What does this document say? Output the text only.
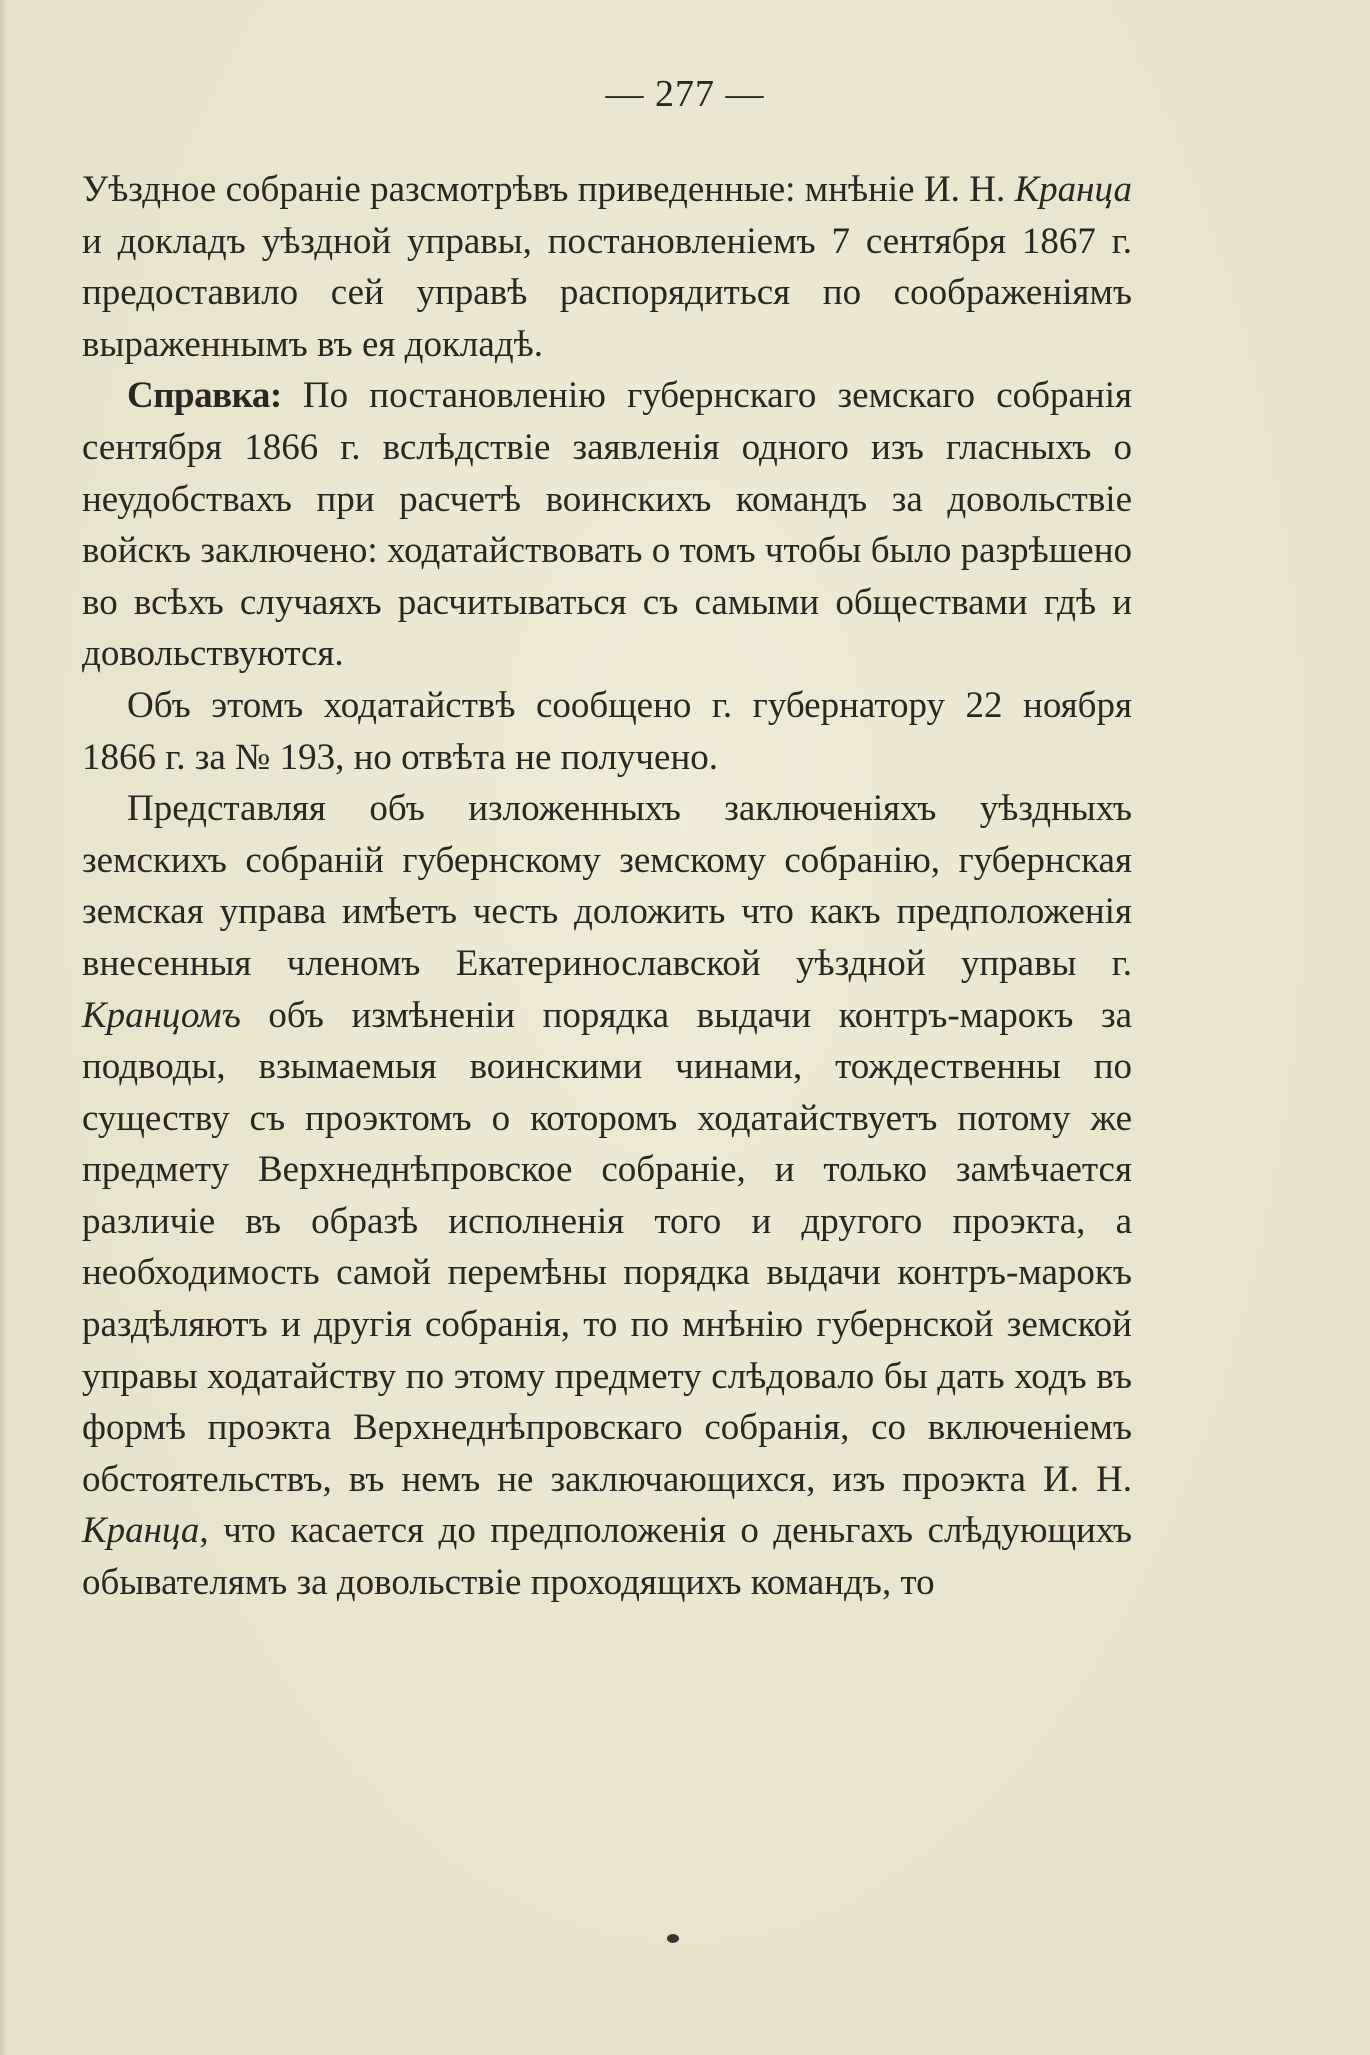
— 277 —

Уѣздное собраніе разсмотрѣвъ приведенные: мнѣніе И. Н. Кранца и докладъ уѣздной управы, постановленіемъ 7 сентября 1867 г. предоставило сей управѣ распорядиться по соображеніямъ выраженнымъ въ ея докладѣ.

Справка: По постановленію губернскаго земскаго собранія сентября 1866 г. вслѣдствіе заявленія одного изъ гласныхъ о неудобствахъ при расчетѣ воинскихъ командъ за довольствіе войскъ заключено: ходатайствовать о томъ чтобы было разрѣшено во всѣхъ случаяхъ расчитываться съ самыми обществами гдѣ и довольствуются.

Объ этомъ ходатайствѣ сообщено г. губернатору 22 ноября 1866 г. за № 193, но отвѣта не получено.

Представляя объ изложенныхъ заключеніяхъ уѣздныхъ земскихъ собраній губернскому земскому собранію, губернская земская управа имѣетъ честь доложить что какъ предположенія внесенныя членомъ Екатеринославской уѣздной управы г. Кранцомъ объ измѣненіи порядка выдачи контръ-марокъ за подводы, взымаемыя воинскими чинами, тождественны по существу съ проэктомъ о которомъ ходатайствуетъ потому же предмету Верхнеднѣпровское собраніе, и только замѣчается различіе въ образѣ исполненія того и другого проэкта, а необходимость самой перемѣны порядка выдачи контръ-марокъ раздѣляютъ и другія собранія, то по мнѣнію губернской земской управы ходатайству по этому предмету слѣдовало бы дать ходъ въ формѣ проэкта Верхнеднѣпровскаго собранія, со включеніемъ обстоятельствъ, въ немъ не заключающихся, изъ проэкта И. Н. Кранца, что касается до предположенія о деньгахъ слѣдующихъ обывателямъ за довольствіе проходящихъ командъ, то
